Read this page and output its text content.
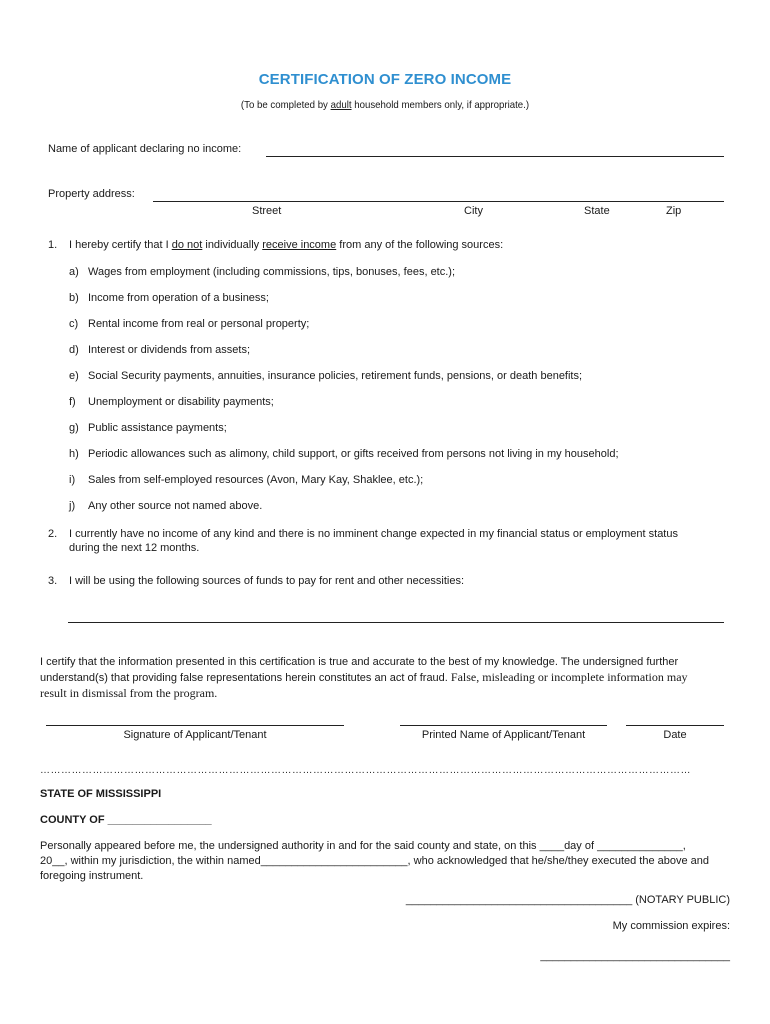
CERTIFICATION OF ZERO INCOME
(To be completed by adult household members only, if appropriate.)
Name of applicant declaring no income:
Property address:
Street	City	State	Zip
1. I hereby certify that I do not individually receive income from any of the following sources:
a) Wages from employment (including commissions, tips, bonuses, fees, etc.);
b) Income from operation of a business;
c) Rental income from real or personal property;
d) Interest or dividends from assets;
e) Social Security payments, annuities, insurance policies, retirement funds, pensions, or death benefits;
f) Unemployment or disability payments;
g) Public assistance payments;
h) Periodic allowances such as alimony, child support, or gifts received from persons not living in my household;
i) Sales from self-employed resources (Avon, Mary Kay, Shaklee, etc.);
j) Any other source not named above.
2. I currently have no income of any kind and there is no imminent change expected in my financial status or employment status
during the next 12 months.
3. I will be using the following sources of funds to pay for rent and other necessities:
I certify that the information presented in this certification is true and accurate to the best of my knowledge. The undersigned further
understand(s) that providing false representations herein constitutes an act of fraud. False, misleading or incomplete information may
result in dismissal from the program.
Signature of Applicant/Tenant	Printed Name of Applicant/Tenant	Date
……………………………………………………………………………………………………………………………………………………………………
STATE OF MISSISSIPPI
COUNTY OF _________________
Personally appeared before me, the undersigned authority in and for the said county and state, on this ____day of ______________,
20__, within my jurisdiction, the within named________________________, who acknowledged that he/she/they executed the above and
foregoing instrument.
_____________________________________ (NOTARY PUBLIC)
My commission expires:
_______________________________
